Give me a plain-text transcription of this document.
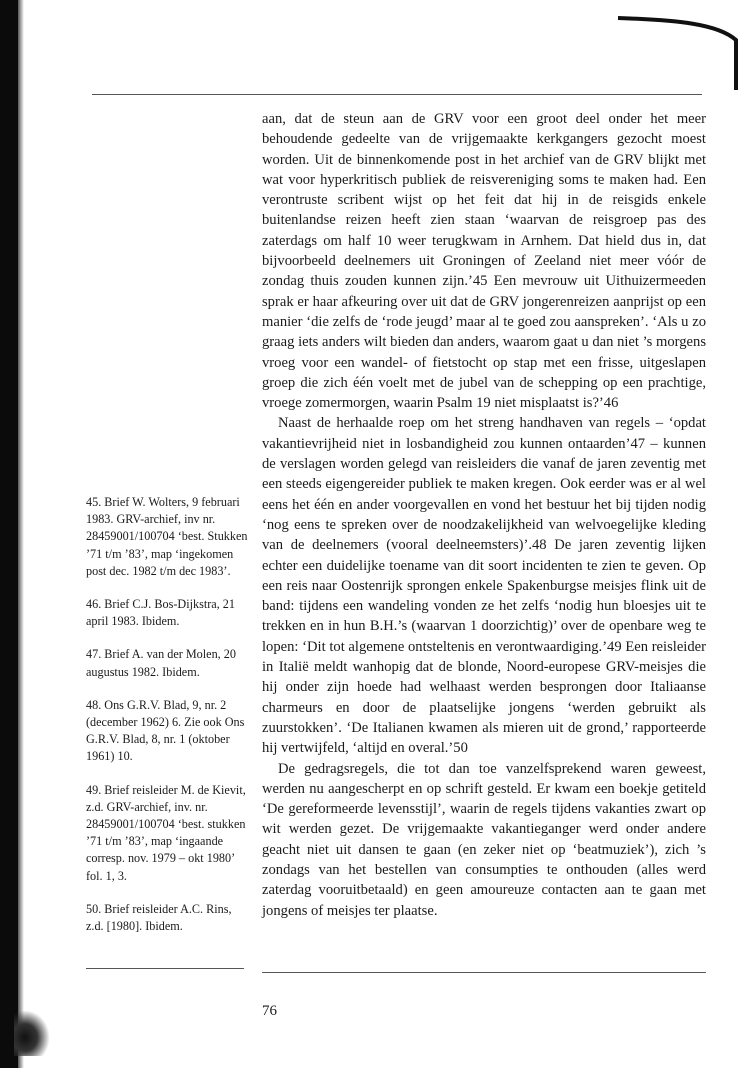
aan, dat de steun aan de GRV voor een groot deel onder het meer behoudende gedeelte van de vrijgemaakte kerkgangers gezocht moest worden. Uit de binnenkomende post in het archief van de GRV blijkt met wat voor hyperkritisch publiek de reisvereniging soms te maken had. Een verontruste scribent wijst op het feit dat hij in de reisgids enkele buitenlandse reizen heeft zien staan ‘waarvan de reisgroep pas des zaterdags om half 10 weer terugkwam in Arnhem. Dat hield dus in, dat bijvoorbeeld deelnemers uit Groningen of Zeeland niet meer vóór de zondag thuis zouden kunnen zijn.’45 Een mevrouw uit Uithuizermeeden sprak er haar afkeuring over uit dat de GRV jongerenreizen aanprijst op een manier ‘die zelfs de ‘rode jeugd’ maar al te goed zou aanspreken’. ‘Als u zo graag iets anders wilt bieden dan anders, waarom gaat u dan niet ’s morgens vroeg voor een wandel- of fietstocht op stap met een frisse, uitgeslapen groep die zich één voelt met de jubel van de schepping op een prachtige, vroege zomermorgen, waarin Psalm 19 niet misplaatst is?’46

Naast de herhaalde roep om het streng handhaven van regels – ‘opdat vakantievrijheid niet in losbandigheid zou kunnen ontaarden’47 – kunnen de verslagen worden gelegd van reisleiders die vanaf de jaren zeventig met een steeds eigengereider publiek te maken kregen. Ook eerder was er al wel eens het één en ander voorgevallen en vond het bestuur het bij tijden nodig ‘nog eens te spreken over de noodzakelijkheid van welvoegelijke kleding van de deelnemers (vooral deelneemsters)’.48 De jaren zeventig lijken echter een duidelijke toename van dit soort incidenten te zien te geven. Op een reis naar Oostenrijk sprongen enkele Spakenburgse meisjes flink uit de band: tijdens een wandeling vonden ze het zelfs ‘nodig hun bloesjes uit te trekken en in hun B.H.’s (waarvan 1 doorzichtig)’ over de openbare weg te lopen: ‘Dit tot algemene ontsteltenis en verontwaardiging.’49 Een reisleider in Italië meldt wanhopig dat de blonde, Noord-europese GRV-meisjes die hij onder zijn hoede had welhaast werden besprongen door Italiaanse charmeurs en door de plaatselijke jongens ‘werden gebruikt als zuurstokken’. ‘De Italianen kwamen als mieren uit de grond,’ rapporteerde hij vertwijfeld, ‘altijd en overal.’50

De gedragsregels, die tot dan toe vanzelfsprekend waren geweest, werden nu aangescherpt en op schrift gesteld. Er kwam een boekje getiteld ‘De gereformeerde levensstijl’, waarin de regels tijdens vakanties zwart op wit werden gezet. De vrijgemaakte vakantieganger werd onder andere geacht niet uit dansen te gaan (en zeker niet op ‘beatmuziek’), zich ’s zondags van het bestellen van consumpties te onthouden (alles werd zaterdag vooruitbetaald) en geen amoureuze contacten aan te gaan met jongens of meisjes ter plaatse.

45. Brief W. Wolters, 9 februari 1983. GRV-archief, inv nr. 28459001/100704 ‘best. Stukken ’71 t/m ’83’, map ‘ingekomen post dec. 1982 t/m dec 1983’.

46. Brief C.J. Bos-Dijkstra, 21 april 1983. Ibidem.

47. Brief A. van der Molen, 20 augustus 1982. Ibidem.

48. Ons G.R.V. Blad, 9, nr. 2 (december 1962) 6. Zie ook Ons G.R.V. Blad, 8, nr. 1 (oktober 1961) 10.

49. Brief reisleider M. de Kievit, z.d. GRV-archief, inv. nr. 28459001/100704 ‘best. stukken ’71 t/m ’83’, map ‘ingaande corresp. nov. 1979 – okt 1980’ fol. 1, 3.

50. Brief reisleider A.C. Rins, z.d. [1980]. Ibidem.

76
